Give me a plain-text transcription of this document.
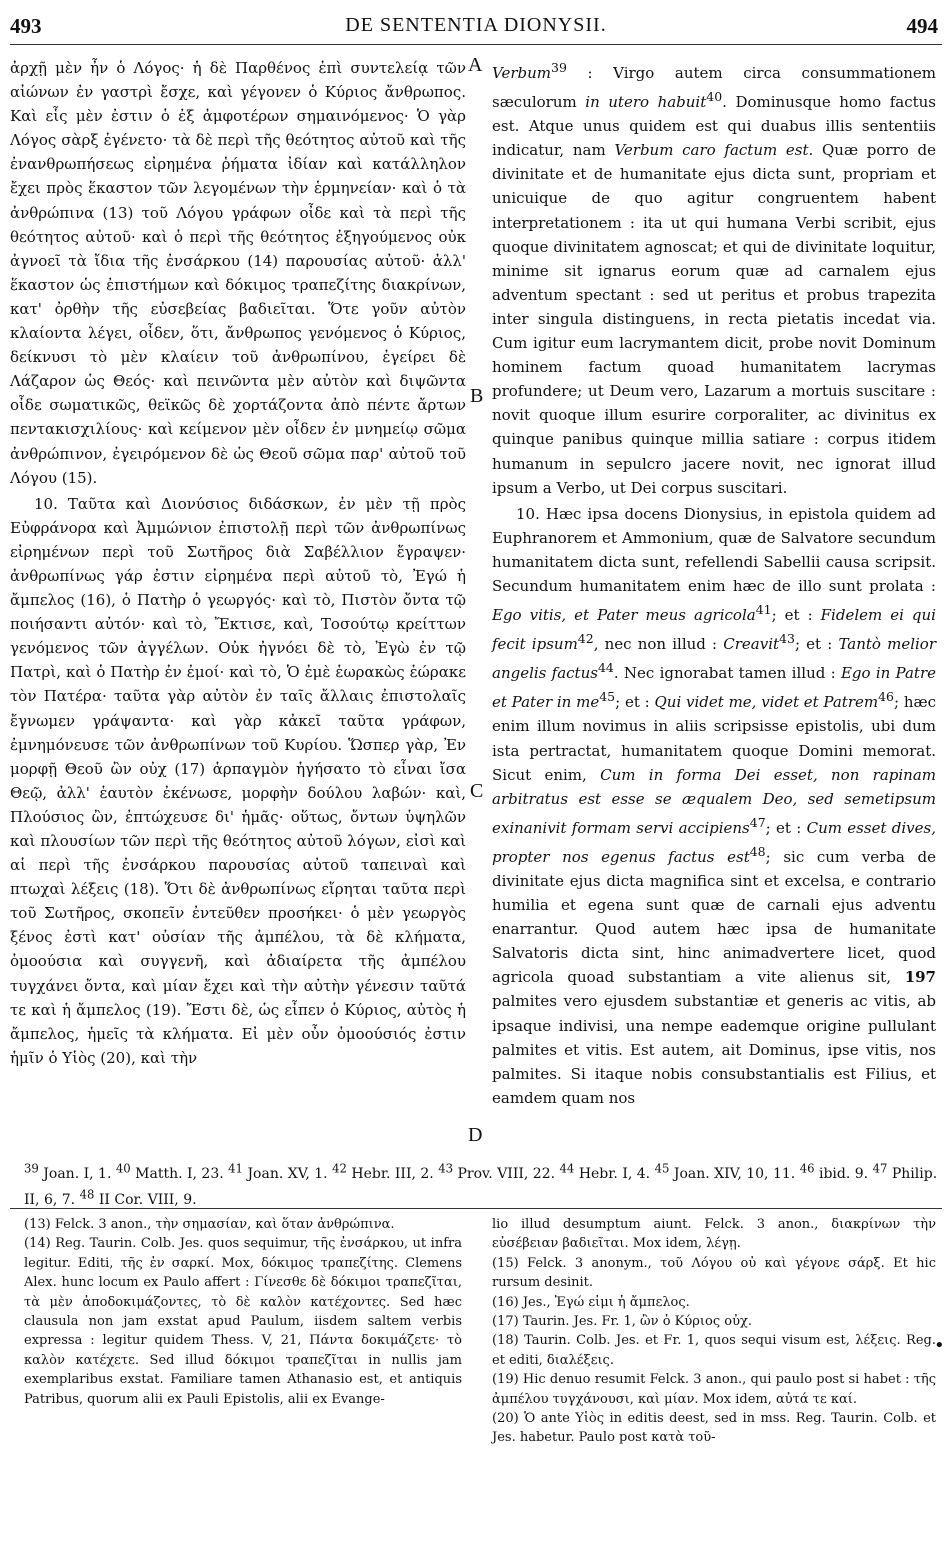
493	DE SENTENTIA DIONYSII.	494

ἀρχῇ μὲν ἦν ὁ Λόγος· ἡ δὲ Παρθένος ἐπὶ συντελείᾳ τῶν αἰώνων ἐν γαστρὶ ἔσχε, καὶ γέγονεν ὁ Κύριος ἄνθρωπος. Καὶ εἷς μὲν ἐστιν ὁ ἐξ ἀμφοτέρων σημαινόμενος· Ὁ γὰρ Λόγος σὰρξ ἐγένετο· τὰ δὲ περὶ τῆς θεότητος αὐτοῦ καὶ τῆς ἐνανθρωπήσεως εἰρημένα ῥήματα ἰδίαν καὶ κατάλληλον ἔχει πρὸς ἕκαστον τῶν λεγομένων τὴν ἑρμηνείαν· καὶ ὁ τὰ ἀνθρώπινα (13) τοῦ Λόγου γράφων οἶδε καὶ τὰ περὶ τῆς θεότητος αὐτοῦ· καὶ ὁ περὶ τῆς θεότητος ἐξηγούμενος οὐκ ἀγνοεῖ τὰ ἴδια τῆς ἐνσάρκου (14) παρουσίας αὐτοῦ· ἀλλ' ἕκαστον ὡς ἐπιστήμων καὶ δόκιμος τραπεζίτης διακρίνων, κατ' ὀρθὴν τῆς εὐσεβείας βαδιεῖται. Ὅτε γοῦν αὐτὸν κλαίοντα λέγει, οἶδεν, ὅτι, ἄνθρωπος γενόμενος ὁ Κύριος, δείκνυσι τὸ μὲν κλαίειν τοῦ ἀνθρωπίνου, ἐγείρει δὲ Λάζαρον ὡς Θεός· καὶ πεινῶντα μὲν αὐτὸν καὶ διψῶντα οἶδε σωματικῶς, θεϊκῶς δὲ χορτάζοντα ἀπὸ πέντε ἄρτων πεντακισχιλίους· καὶ κείμενον μὲν οἶδεν ἐν μνημείῳ σῶμα ἀνθρώπινον, ἐγειρόμενον δὲ ὡς Θεοῦ σῶμα παρ' αὐτοῦ τοῦ Λόγου (15).

10. Ταῦτα καὶ Διονύσιος διδάσκων, ἐν μὲν τῇ πρὸς Εὐφράνορα καὶ Ἀμμώνιον ἐπιστολῇ περὶ τῶν ἀνθρωπίνως εἰρημένων περὶ τοῦ Σωτῆρος διὰ Σαβέλλιον ἔγραψεν· ἀνθρωπίνως γάρ ἐστιν εἰρημένα περὶ αὐτοῦ τὸ, Ἐγώ ἡ ἄμπελος (16), ὁ Πατὴρ ὁ γεωργός· καὶ τὸ, Πιστὸν ὄντα τῷ ποιήσαντι αὐτόν· καὶ τὸ, Ἔκτισε, καὶ, Τοσούτῳ κρείττων γενόμενος τῶν ἀγγέλων. Οὐκ ἠγνόει δὲ τὸ, Ἐγὼ ἐν τῷ Πατρὶ, καὶ ὁ Πατὴρ ἐν ἐμοί· καὶ τὸ, Ὁ ἐμὲ ἑωρακὼς ἑώρακε τὸν Πατέρα· ταῦτα γὰρ αὐτὸν ἐν ταῖς ἄλλαις ἐπιστολαῖς ἔγνωμεν γράψαντα· καὶ γὰρ κἀκεῖ ταῦτα γράφων, ἐμνημόνευσε τῶν ἀνθρωπίνων τοῦ Κυρίου. Ὥσπερ γὰρ, Ἐν μορφῇ Θεοῦ ὢν οὐχ (17) ἁρπαγμὸν ἡγήσατο τὸ εἶναι ἴσα Θεῷ, ἀλλ' ἑαυτὸν ἐκένωσε, μορφὴν δούλου λαβών· καὶ, Πλούσιος ὢν, ἐπτώχευσε δι' ἡμᾶς· οὕτως, ὄντων ὑψηλῶν καὶ πλουσίων τῶν περὶ τῆς θεότητος αὐτοῦ λόγων, εἰσὶ καὶ αἱ περὶ τῆς ἐνσάρκου παρουσίας αὐτοῦ ταπειναὶ καὶ πτωχαὶ λέξεις (18). Ὅτι δὲ ἀνθρωπίνως εἴρηται ταῦτα περὶ τοῦ Σωτῆρος, σκοπεῖν ἐντεῦθεν προσήκει· ὁ μὲν γεωργὸς ξένος ἐστὶ κατ' οὐσίαν τῆς ἀμπέλου, τὰ δὲ κλήματα, ὁμοούσια καὶ συγγενῆ, καὶ ἀδιαίρετα τῆς ἀμπέλου τυγχάνει ὄντα, καὶ μίαν ἔχει καὶ τὴν αὐτὴν γένεσιν ταῦτά τε καὶ ἡ ἄμπελος (19). Ἔστι δὲ, ὡς εἶπεν ὁ Κύριος, αὐτὸς ἡ ἄμπελος, ἡμεῖς τὰ κλήματα. Εἰ μὲν οὖν ὁμοούσιός ἐστιν ἡμῖν ὁ Υἱὸς (20), καὶ τὴν

A
B
C
D

Verbum$^{39}$ : Virgo autem circa consummationem sæculorum in utero habuit$^{40}$. Dominusque homo factus est. Atque unus quidem est qui duabus illis sententiis indicatur, nam Verbum caro factum est. Quæ porro de divinitate et de humanitate ejus dicta sunt, propriam et unicuique de quo agitur congruentem habent interpretationem : ita ut qui humana Verbi scribit, ejus quoque divinitatem agnoscat; et qui de divinitate loquitur, minime sit ignarus eorum quæ ad carnalem ejus adventum spectant : sed ut peritus et probus trapezita inter singula distinguens, in recta pietatis incedat via. Cum igitur eum lacrymantem dicit, probe novit Dominum hominem factum quoad humanitatem lacrymas profundere; ut Deum vero, Lazarum a mortuis suscitare : novit quoque illum esurire corporaliter, ac divinitus ex quinque panibus quinque millia satiare : corpus itidem humanum in sepulcro jacere novit, nec ignorat illud ipsum a Verbo, ut Dei corpus suscitari.

10. Hæc ipsa docens Dionysius, in epistola quidem ad Euphranorem et Ammonium, quæ de Salvatore secundum humanitatem dicta sunt, refellendi Sabellii causa scripsit. Secundum humanitatem enim hæc de illo sunt prolata : Ego vitis, et Pater meus agricola$^{41}$; et : Fidelem ei qui fecit ipsum$^{42}$, nec non illud : Creavit$^{43}$; et : Tantò melior angelis factus$^{44}$. Nec ignorabat tamen illud : Ego in Patre et Pater in $me^{45}$; et : Qui videt me, videt et Patrem$^{46}$; hæc enim illum novimus in aliis scripsisse epistolis, ubi dum ista pertractat, humanitatem quoque Domini memorat. Sicut enim, Cum in forma Dei esset, non rapinam arbitratus est esse se æqualem Deo, sed semetipsum exinanivit formam servi accipiens$^{47}$; et : Cum esset dives, propter nos egenus factus est$^{48}$; sic cum verba de divinitate ejus dicta magnifica sint et excelsa, e contrario humilia et egena sunt quæ de carnali ejus adventu enarrantur. Quod autem hæc ipsa de humanitate Salvatoris dicta sint, hinc animadvertere licet, quod agricola quoad substantiam a vite alienus sit, 197 palmites vero ejusdem substantiæ et generis ac vitis, ab ipsaque indivisi, una nempe eademque origine pullulant palmites et vitis. Est autem, ait Dominus, ipse vitis, nos palmites. Si itaque nobis consubstantialis est Filius, et eamdem quam nos

$^{39}$ Joan. I, 1. $^{40}$ Matth. I, 23. $^{41}$ Joan. XV, 1. $^{42}$ Hebr. III, 2. $^{43}$ Prov. VIII, 22. $^{44}$ Hebr. I, 4. $^{45}$ Joan. XIV, 10, 11. $^{46}$ ibid. 9. $^{47}$ Philip. II, 6, 7. $^{48}$ II Cor. VIII, 9.

(13) Felck. 3 anon., τὴν σημασίαν, καὶ ὅταν ἀνθρώπινα.

(14) Reg. Taurin. Colb. Jes. quos sequimur, τῆς ἐνσάρκου, ut infra legitur. Editi, τῆς ἐν σαρκί. Mox, δόκιμος τραπεζίτης. Clemens Alex. hunc locum ex Paulo affert : Γίνεσθε δὲ δόκιμοι τραπεζῖται, τὰ μὲν ἀποδοκιμάζοντες, τὸ δὲ καλὸν κατέχοντες. Sed hæc clausula non jam exstat apud Paulum, iisdem saltem verbis expressa : legitur quidem Thess. V, 21, Πάντα δοκιμάζετε· τὸ καλὸν κατέχετε. Sed illud δόκιμοι τραπεζῖται in nullis jam exemplaribus exstat. Familiare tamen Athanasio est, et antiquis Patribus, quorum alii ex Pauli Epistolis, alii ex Evange-

lio illud desumptum aiunt. Felck. 3 anon., διακρίνων τὴν εὐσέβειαν βαδιεῖται. Mox idem, λέγῃ.

(15) Felck. 3 anonym., τοῦ Λόγου οὐ καὶ γέγονε σάρξ. Et hic rursum desinit.

(16) Jes., Ἐγώ εἰμι ἡ ἄμπελος.

(17) Taurin. Jes. Fr. 1, ὢν ὁ Κύριος οὐχ.

(18) Taurin. Colb. Jes. et Fr. 1, quos sequi visum est, λέξεις. Reg. et editi, διαλέξεις.

(19) Hic denuo resumit Felck. 3 anon., qui paulo post si habet : τῆς ἀμπέλου τυγχάνουσι, καὶ μίαν. Mox idem, αὐτά τε καί.

(20) Ὁ ante Υἱὸς in editis deest, sed in mss. Reg. Taurin. Colb. et Jes. habetur. Paulo post κατὰ τοῦ-

•
